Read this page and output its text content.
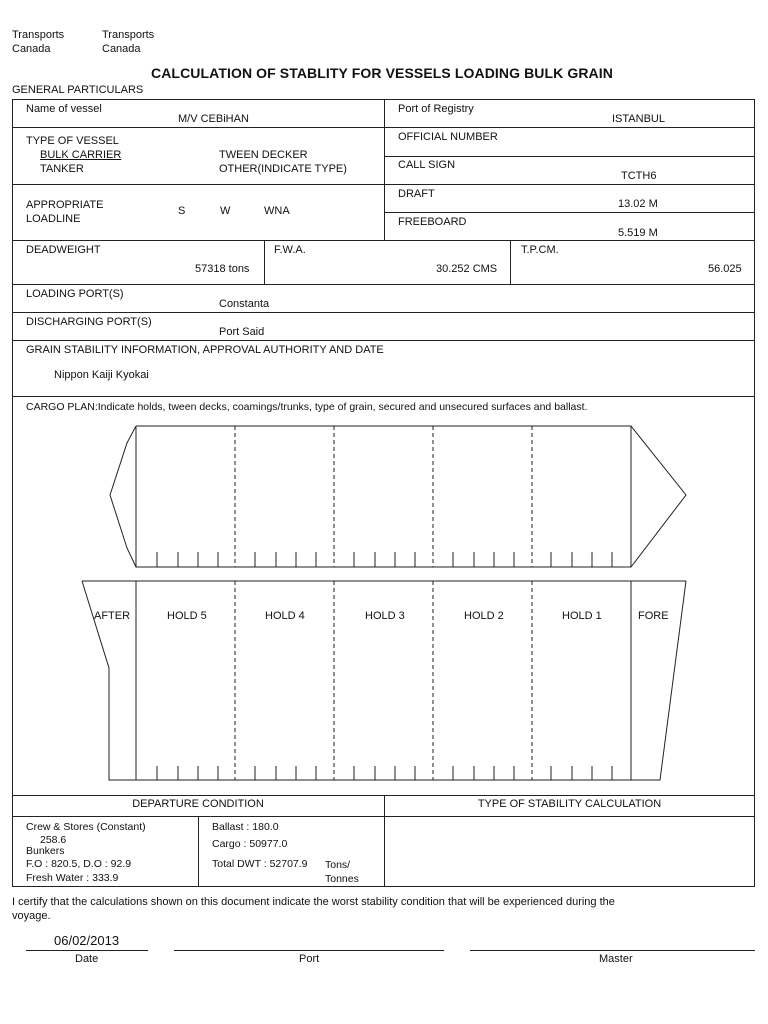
Transports
Canada
Transports
Canada
CALCULATION OF STABLITY FOR VESSELS LOADING BULK GRAIN
GENERAL PARTICULARS
Name of vessel
M/V CEBiHAN
Port of Registry
ISTANBUL
TYPE OF VESSEL
BULK CARRIER
TANKER
TWEEN DECKER
OTHER(INDICATE TYPE)
OFFICIAL NUMBER
CALL SIGN
TCTH6
APPROPRIATE
LOADLINE
S	W	WNA
DRAFT
13.02 M
FREEBOARD
5.519 M
DEADWEIGHT
57318 tons
F.W.A.
30.252 CMS
T.P.CM.
56.025
LOADING PORT(S)
Constanta
DISCHARGING PORT(S)
Port Said
GRAIN STABILITY INFORMATION, APPROVAL AUTHORITY AND DATE
Nippon Kaiji Kyokai
CARGO PLAN:Indicate holds, tween decks, coamings/trunks, type of grain, secured and unsecured surfaces and ballast.
AFTER	HOLD 5	HOLD 4	HOLD 3	HOLD 2	HOLD 1	FORE
DEPARTURE CONDITION	TYPE OF STABILITY CALCULATION
Crew & Stores (Constant)
258.6
Bunkers
F.O : 820.5, D.O : 92.9
Fresh Water : 333.9
Ballast : 180.0
Cargo : 50977.0
Total DWT : 52707.9 Tons/
Tonnes
I certify that the calculations shown on this document indicate the worst stability condition that will be experienced during the
voyage.
06/02/2013
Date	Port	Master
